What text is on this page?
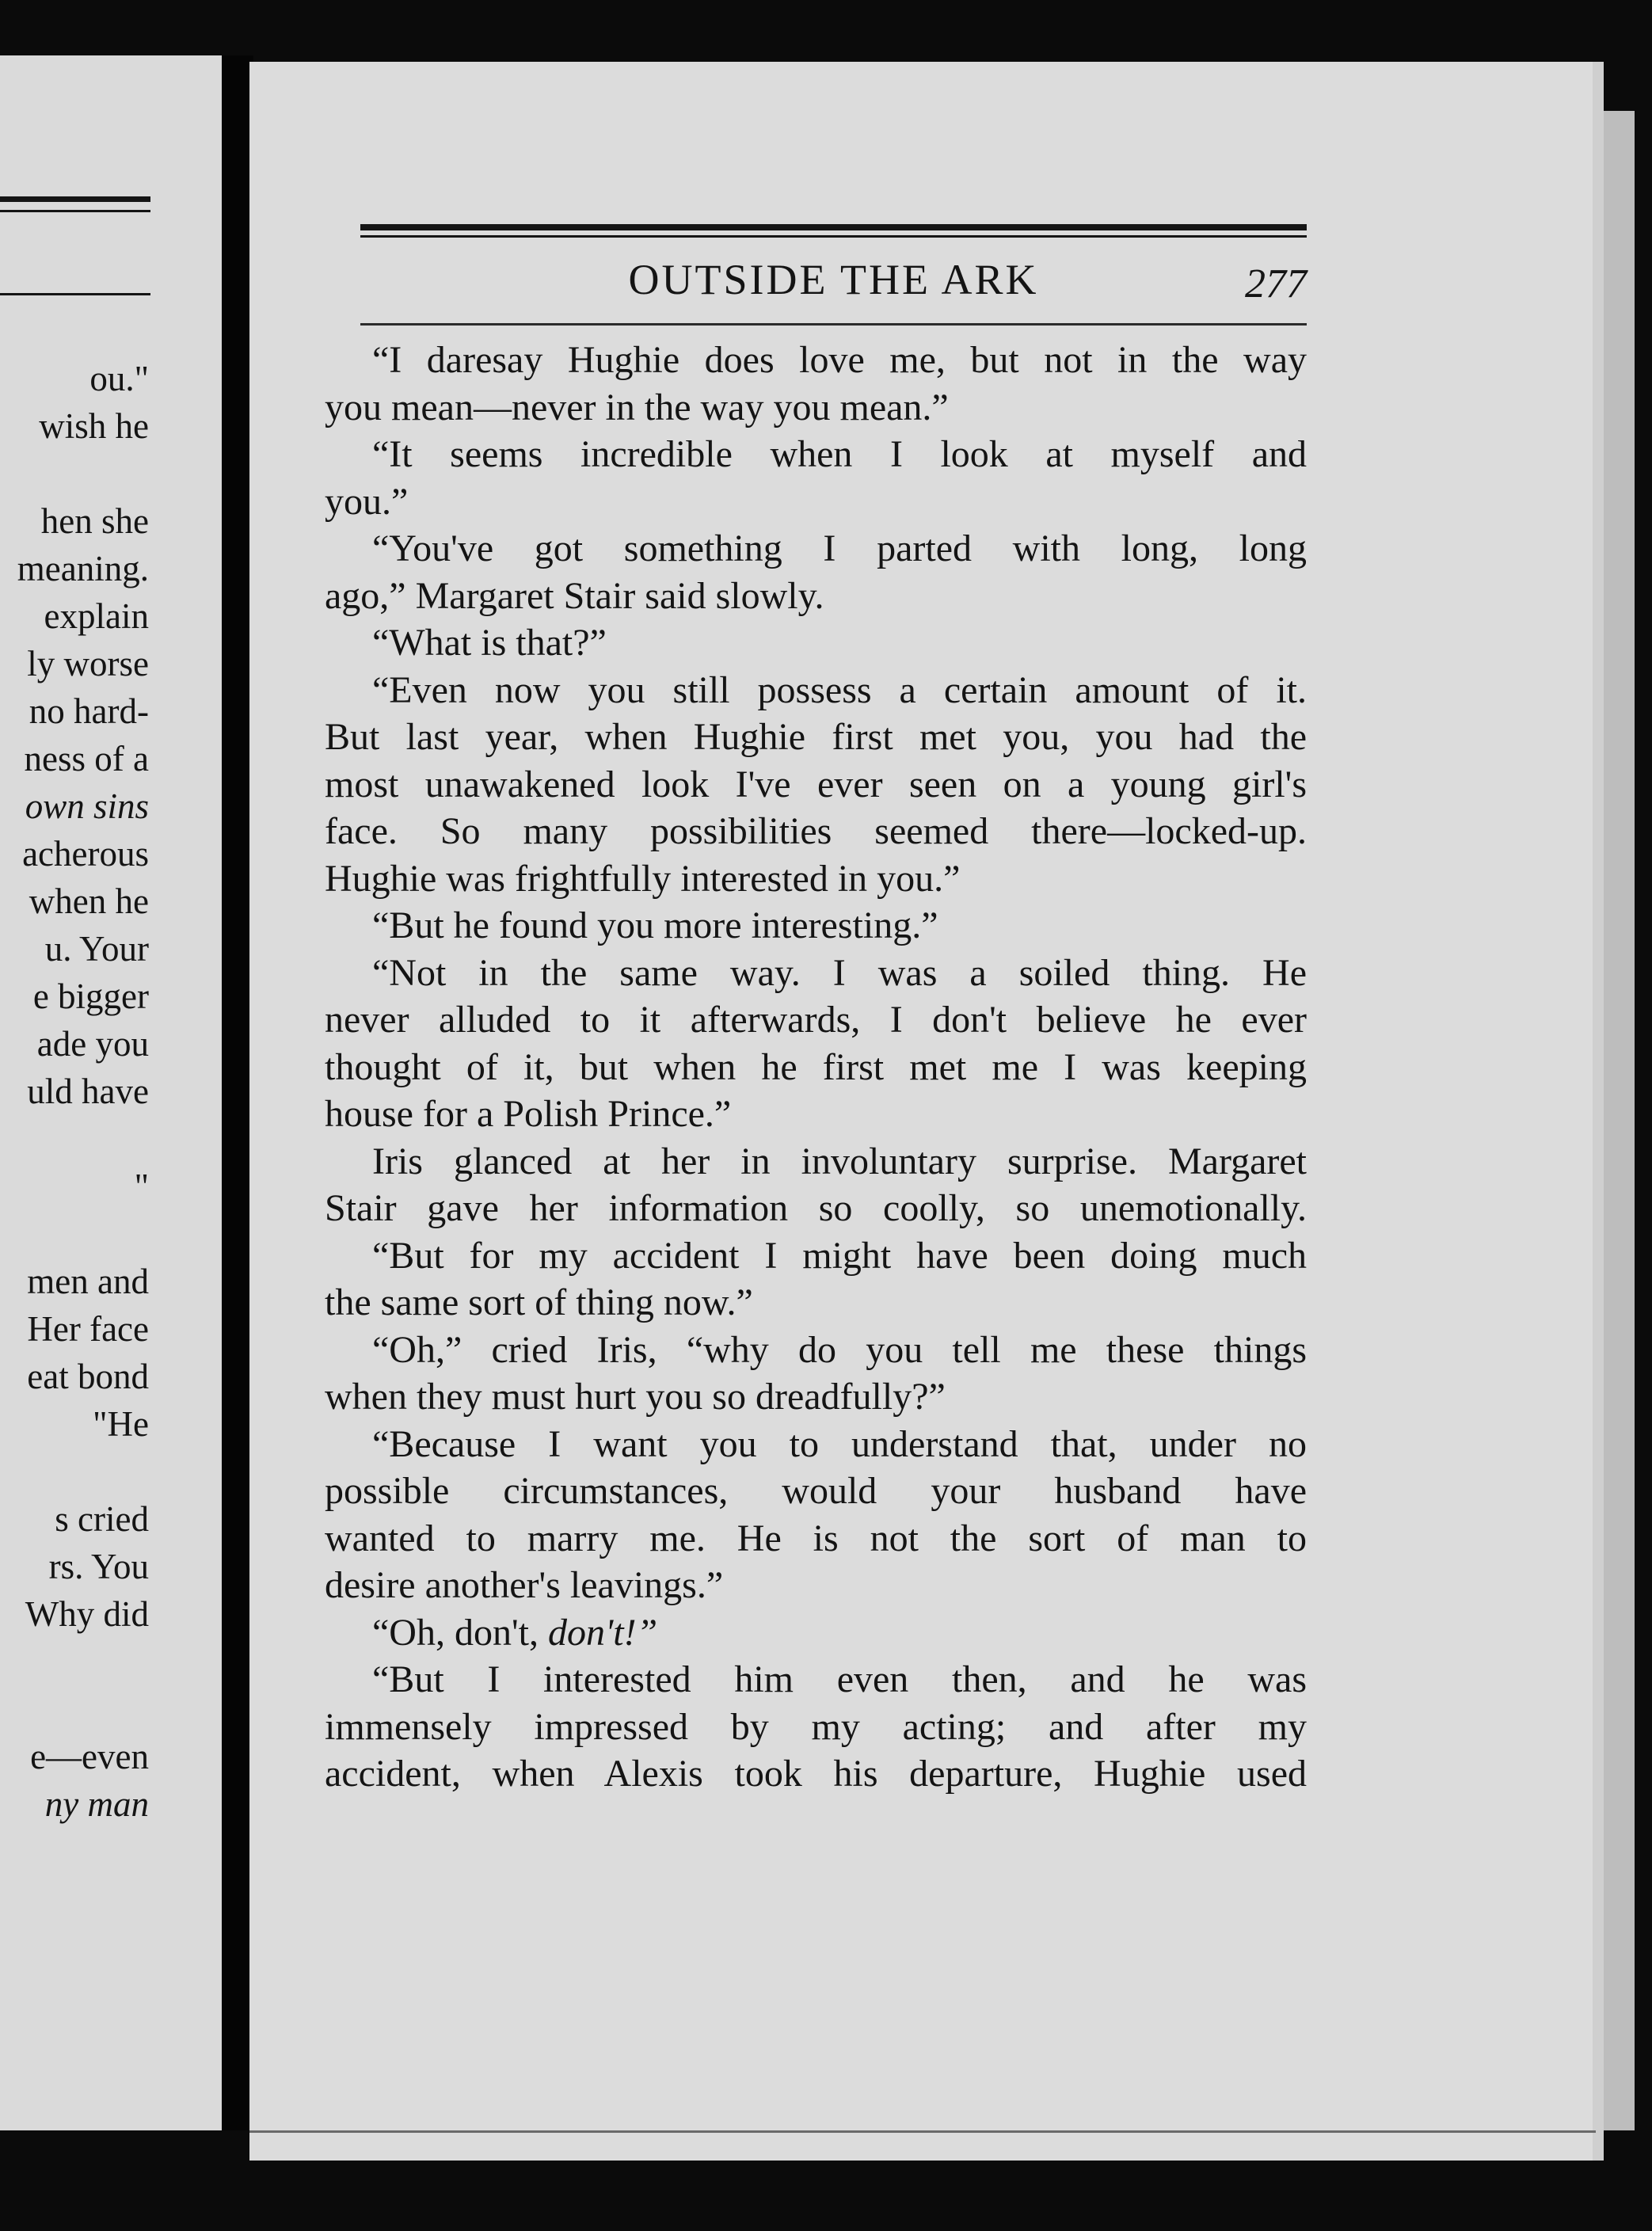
ou."
wish he
hen she
meaning.
explain
ly worse
no hard-
ness of a
own sins
acherous
when he
u. Your
e bigger
ade you
uld have
"
men and
Her face
eat bond
"He
s cried
rs. You
Why did
e—even
ny man
OUTSIDE THE ARK	277
“I daresay Hughie does love me, but not in the way
you mean—never in the way you mean.”
“It seems incredible when I look at myself and
you.”
“You've got something I parted with long, long
ago,” Margaret Stair said slowly.
“What is that?”
“Even now you still possess a certain amount of it.
But last year, when Hughie first met you, you had the
most unawakened look I've ever seen on a young girl's
face. So many possibilities seemed there—locked-up.
Hughie was frightfully interested in you.”
“But he found you more interesting.”
“Not in the same way. I was a soiled thing. He
never alluded to it afterwards, I don't believe he ever
thought of it, but when he first met me I was keeping
house for a Polish Prince.”
Iris glanced at her in involuntary surprise. Margaret
Stair gave her information so coolly, so unemotionally.
“But for my accident I might have been doing much
the same sort of thing now.”
“Oh,” cried Iris, “why do you tell me these things
when they must hurt you so dreadfully?”
“Because I want you to understand that, under no
possible circumstances, would your husband have
wanted to marry me. He is not the sort of man to
desire another's leavings.”
“Oh, don't, don't!”
“But I interested him even then, and he was
immensely impressed by my acting; and after my
accident, when Alexis took his departure, Hughie used
